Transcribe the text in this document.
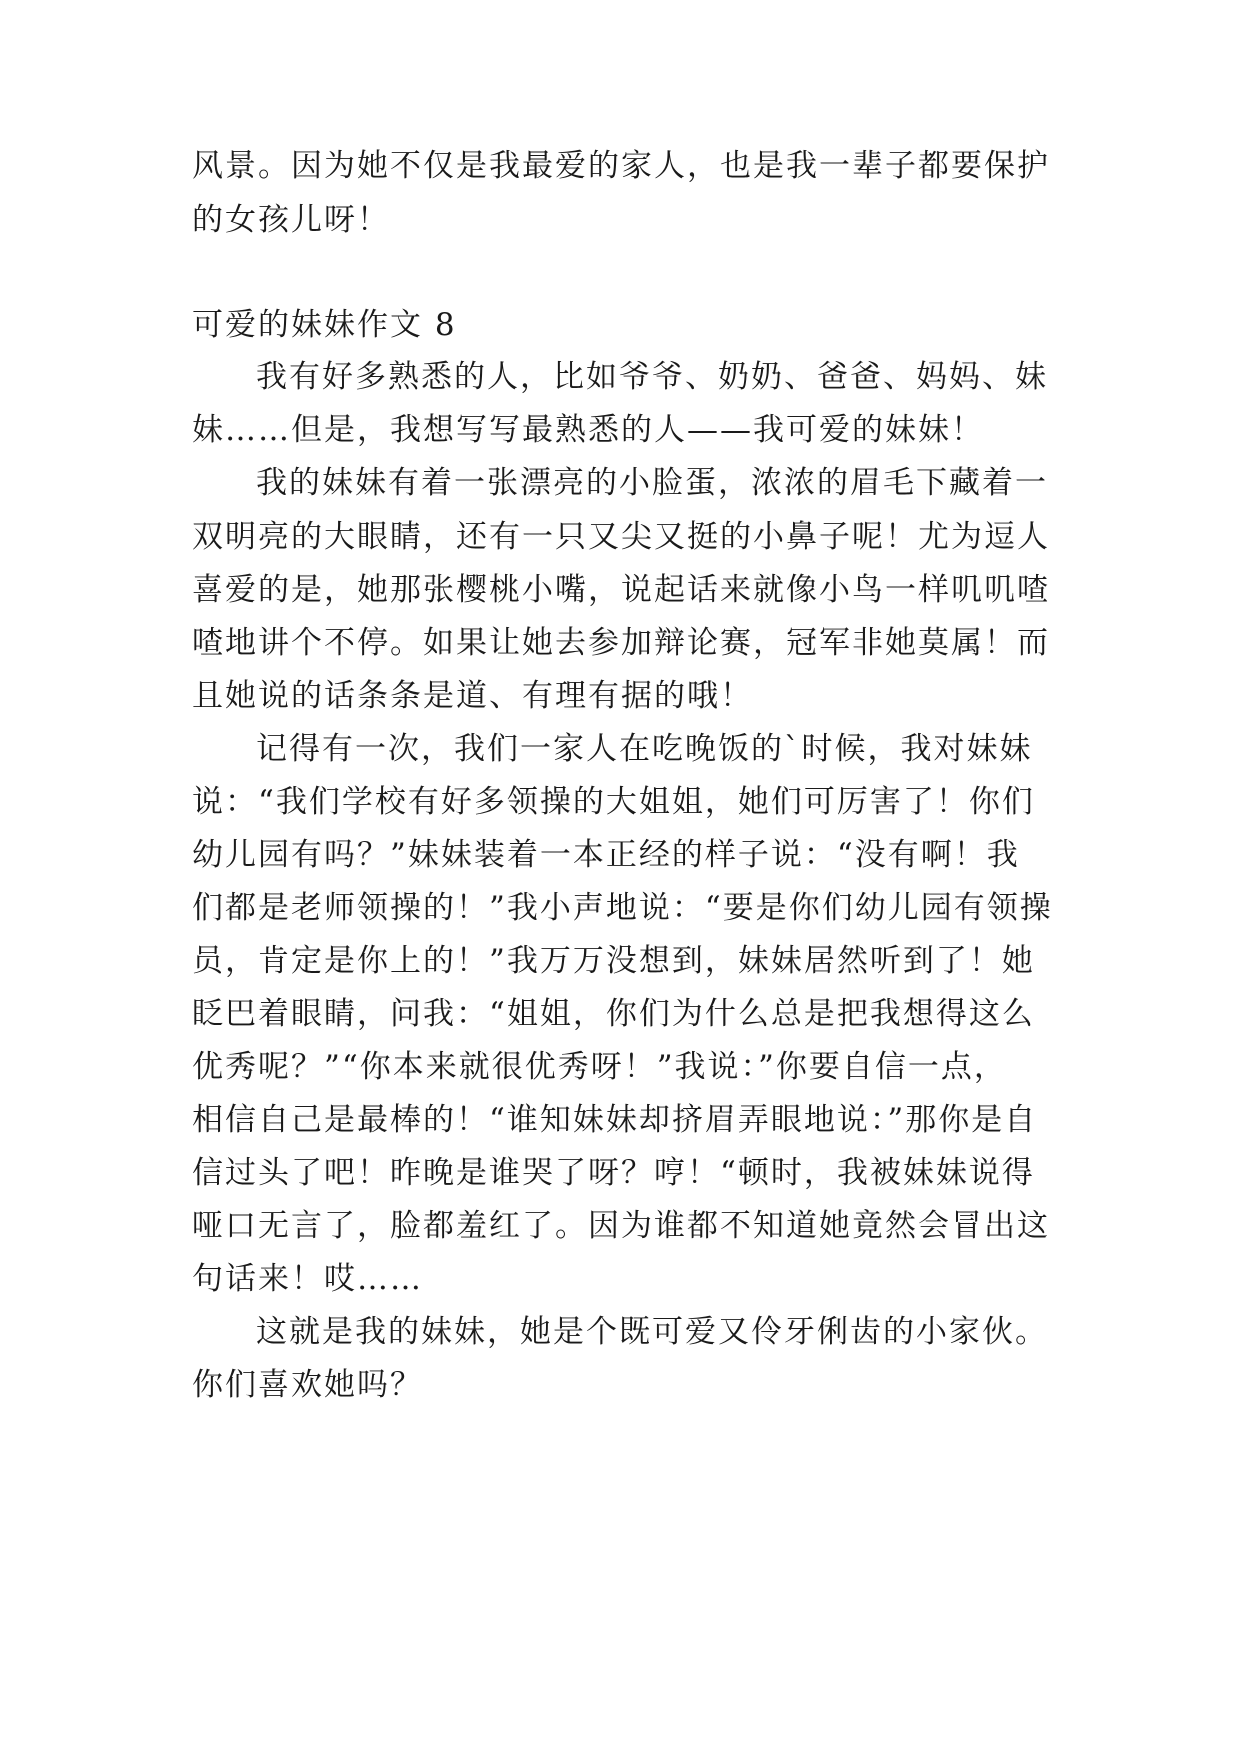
风景。因为她不仅是我最爱的家人，也是我一辈子都要保护
的女孩儿呀！
可爱的妹妹作文 8
我有好多熟悉的人，比如爷爷、奶奶、爸爸、妈妈、妹
妹……但是，我想写写最熟悉的人——我可爱的妹妹！
我的妹妹有着一张漂亮的小脸蛋，浓浓的眉毛下藏着一
双明亮的大眼睛，还有一只又尖又挺的小鼻子呢！尤为逗人
喜爱的是，她那张樱桃小嘴，说起话来就像小鸟一样叽叽喳
喳地讲个不停。如果让她去参加辩论赛，冠军非她莫属！而
且她说的话条条是道、有理有据的哦！
记得有一次，我们一家人在吃晚饭的`时候，我对妹妹
说：“我们学校有好多领操的大姐姐，她们可厉害了！你们
幼儿园有吗？”妹妹装着一本正经的样子说：“没有啊！我
们都是老师领操的！”我小声地说：“要是你们幼儿园有领操
员，肯定是你上的！”我万万没想到，妹妹居然听到了！她
眨巴着眼睛，问我：“姐姐，你们为什么总是把我想得这么
优秀呢？”“你本来就很优秀呀！”我说：”你要自信一点，
相信自己是最棒的！“谁知妹妹却挤眉弄眼地说：”那你是自
信过头了吧！昨晚是谁哭了呀？哼！“顿时，我被妹妹说得
哑口无言了，脸都羞红了。因为谁都不知道她竟然会冒出这
句话来！哎……
这就是我的妹妹，她是个既可爱又伶牙俐齿的小家伙。
你们喜欢她吗？
